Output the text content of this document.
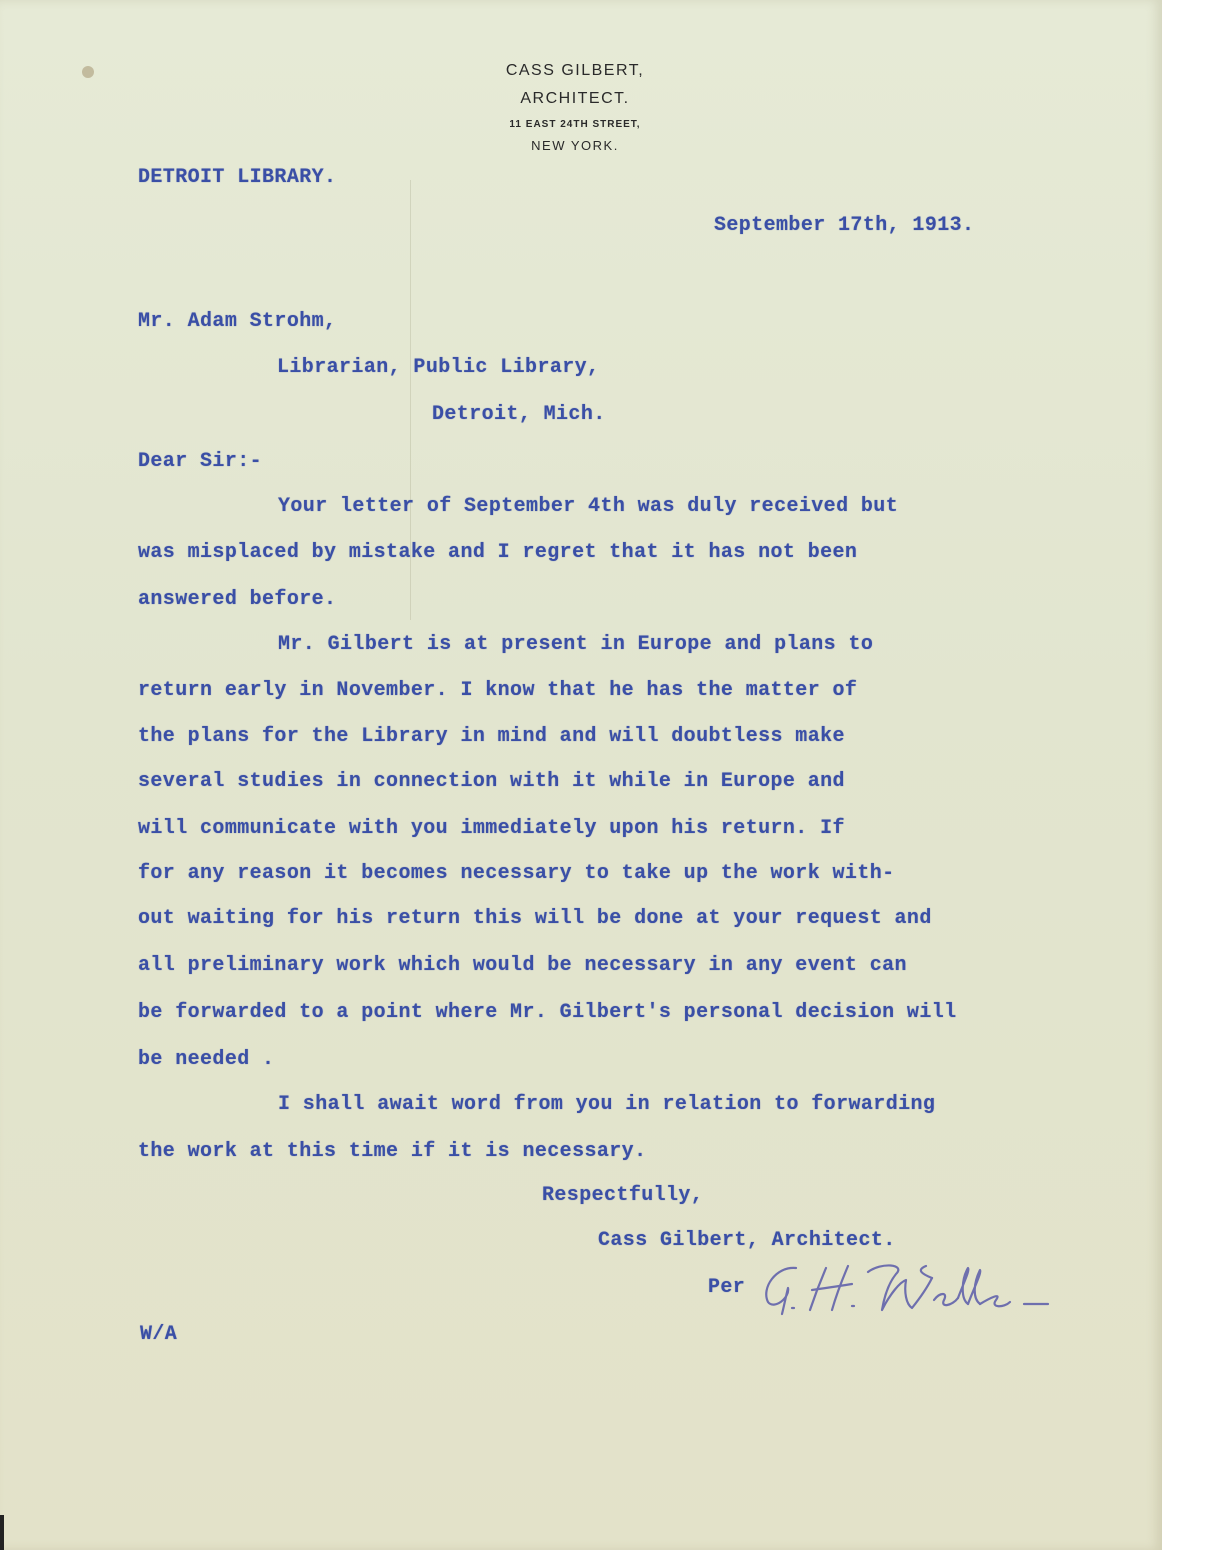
CASS GILBERT,
ARCHITECT.
11 EAST 24TH STREET,
NEW YORK.
DETROIT LIBRARY.
September 17th, 1913.
Mr. Adam Strohm,
Librarian, Public Library,
Detroit, Mich.
Dear Sir:-
Your letter of September 4th was duly received but
was misplaced by mistake and I regret that it has not been
answered before.
Mr. Gilbert is at present in Europe and plans to
return early in November. I know that he has the matter of
the plans for the Library in mind and will doubtless make
several studies in connection with it while in Europe and
will communicate with you immediately upon his return. If
for any reason it becomes necessary to take up the work with-
out waiting for his return this will be done at your request and
all preliminary work which would be necessary in any event can
be forwarded to a point where Mr. Gilbert's personal decision will
be needed .
I shall await word from you in relation to forwarding
the work at this time if it is necessary.
Respectfully,
Cass Gilbert, Architect.
Per
W/A
